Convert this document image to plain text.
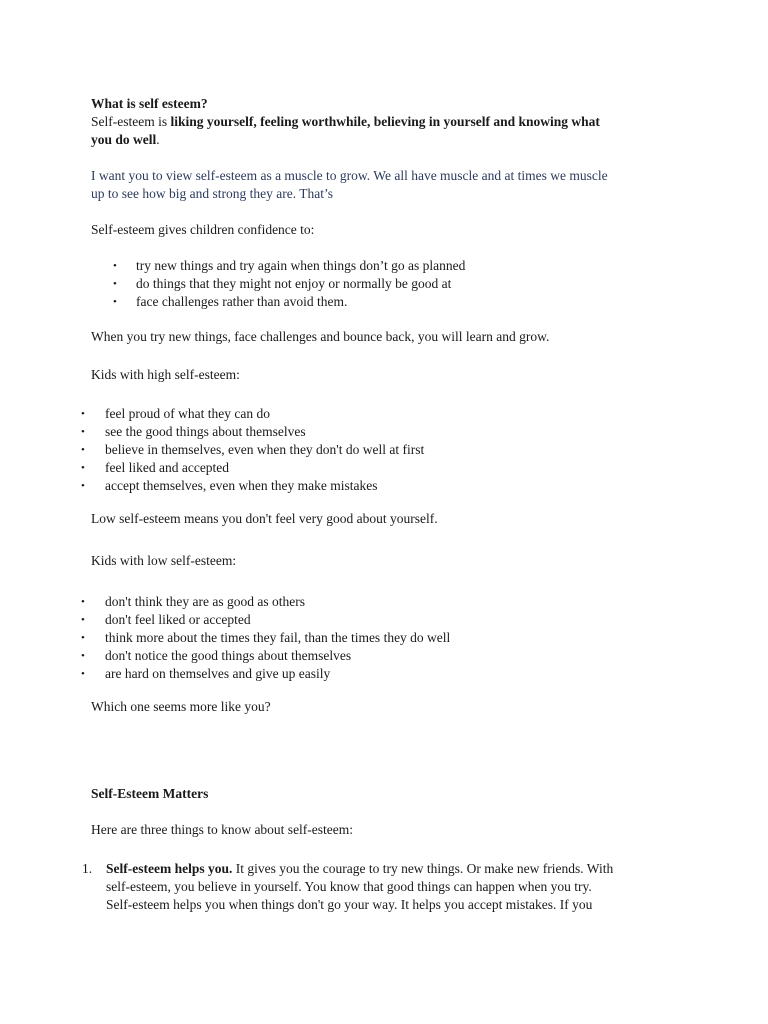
What is self esteem?

Self-esteem is liking yourself, feeling worthwhile, believing in yourself and knowing what

you do well.

I want you to view self-esteem as a muscle to grow. We all have muscle and at times we muscle

up to see how big and strong they are. That’s

Self-esteem gives children confidence to:

• try new things and try again when things don’t go as planned
• do things that they might not enjoy or normally be good at
• face challenges rather than avoid them.

When you try new things, face challenges and bounce back, you will learn and grow.

Kids with high self-esteem:

• feel proud of what they can do
• see the good things about themselves
• believe in themselves, even when they don't do well at first
• feel liked and accepted
• accept themselves, even when they make mistakes

Low self-esteem means you don't feel very good about yourself.

Kids with low self-esteem:

• don't think they are as good as others
• don't feel liked or accepted
• think more about the times they fail, than the times they do well
• don't notice the good things about themselves
• are hard on themselves and give up easily

Which one seems more like you?

Self-Esteem Matters

Here are three things to know about self-esteem:

1. Self-esteem helps you. It gives you the courage to try new things. Or make new friends. With
self-esteem, you believe in yourself. You know that good things can happen when you try.
Self-esteem helps you when things don't go your way. It helps you accept mistakes. If you
